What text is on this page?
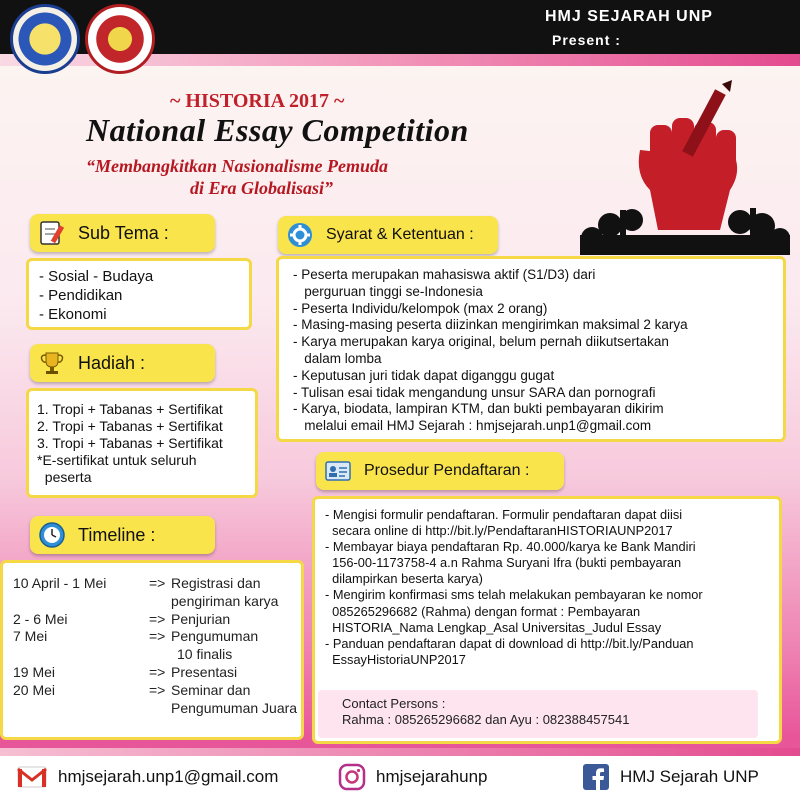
HMJ SEJARAH UNP
Present :
~ HISTORIA 2017 ~
National Essay Competition
“Membangkitkan Nasionalisme Pemuda
di Era Globalisasi”
Sub Tema :
- Sosial - Budaya
- Pendidikan
- Ekonomi
Hadiah :
1. Tropi + Tabanas + Sertifikat
2. Tropi + Tabanas + Sertifikat
3. Tropi + Tabanas + Sertifikat
*E-sertifikat untuk seluruh
peserta
Timeline :
10 April - 1 Mei	=> Registrasi dan
pengiriman karya
2 - 6 Mei	=> Penjurian
7 Mei	=> Pengumuman
10 finalis
19 Mei	=> Presentasi
20 Mei	=> Seminar dan
Pengumuman Juara
Syarat & Ketentuan :
- Peserta merupakan mahasiswa aktif (S1/D3) dari
perguruan tinggi se-Indonesia
- Peserta Individu/kelompok (max 2 orang)
- Masing-masing peserta diizinkan mengirimkan maksimal 2 karya
- Karya merupakan karya original, belum pernah diikutsertakan
dalam lomba
- Keputusan juri tidak dapat diganggu gugat
- Tulisan esai tidak mengandung unsur SARA dan pornografi
- Karya, biodata, lampiran KTM, dan bukti pembayaran dikirim
melalui email HMJ Sejarah : hmjsejarah.unp1@gmail.com
Prosedur Pendaftaran :
- Mengisi formulir pendaftaran. Formulir pendaftaran dapat diisi
secara online di http://bit.ly/PendaftaranHISTORIAUNP2017
- Membayar biaya pendaftaran Rp. 40.000/karya ke Bank Mandiri
156-00-1173758-4 a.n Rahma Suryani Ifra (bukti pembayaran
dilampirkan beserta karya)
- Mengirim konfirmasi sms telah melakukan pembayaran ke nomor
085265296682 (Rahma) dengan format : Pembayaran
HISTORIA_Nama Lengkap_Asal Universitas_Judul Essay
- Panduan pendaftaran dapat di download di http://bit.ly/Panduan
EssayHistoriaUNP2017
Contact Persons :
Rahma : 085265296682 dan Ayu : 082388457541
hmjsejarah.unp1@gmail.com	hmjsejarahunp	HMJ Sejarah UNP
